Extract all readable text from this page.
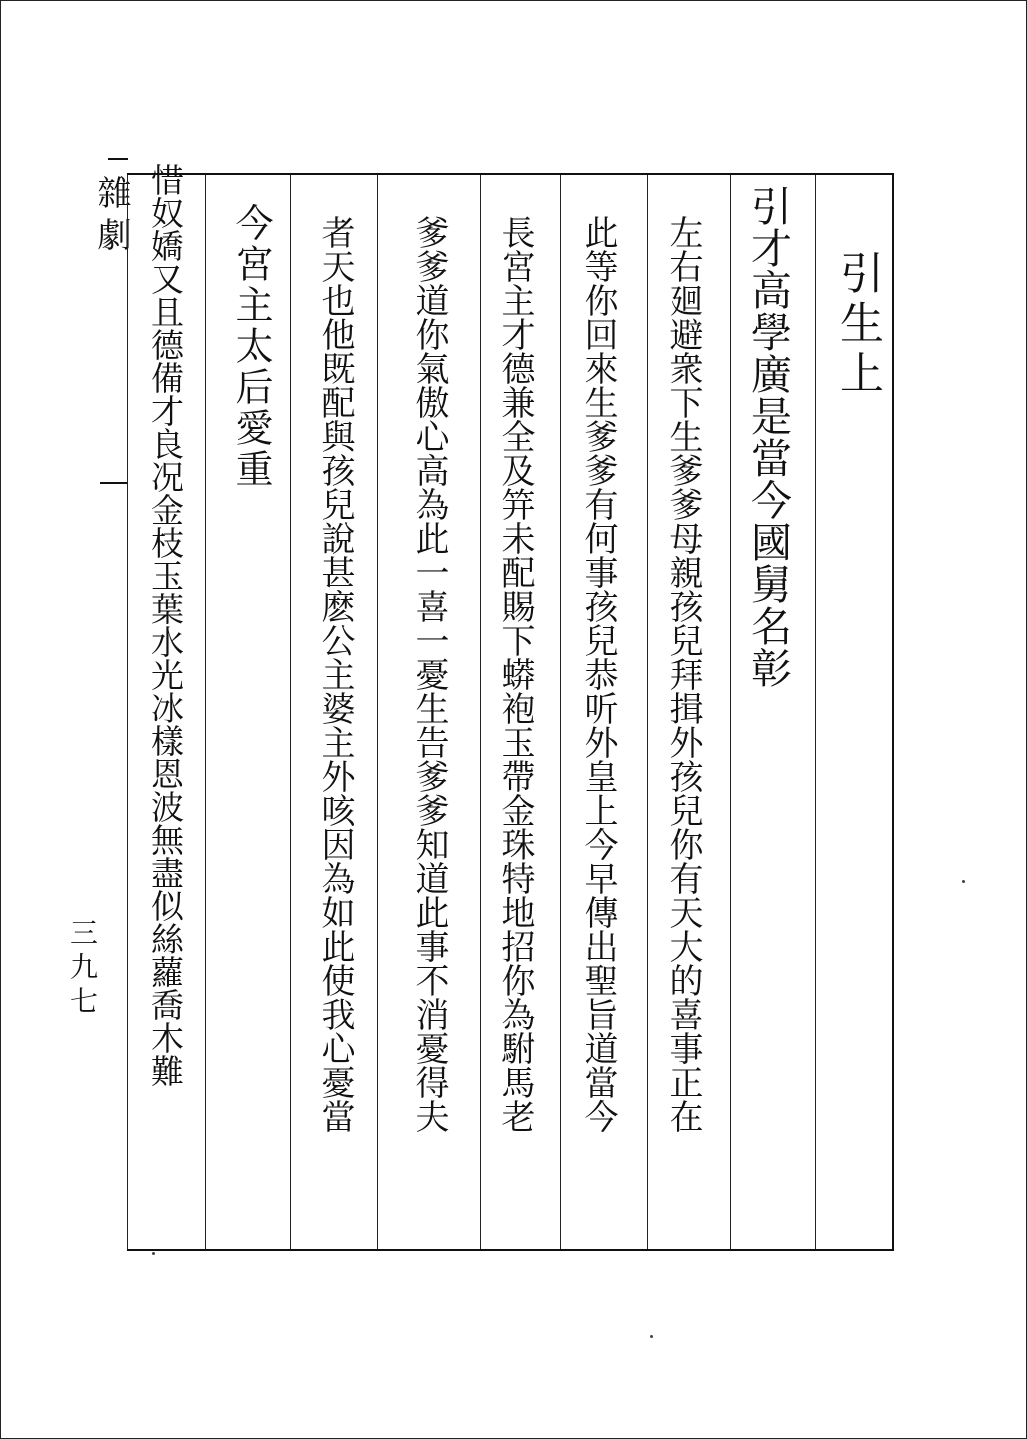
雜劇
三九七
引生上
引才高學廣是當今國舅名彰
左右廻避衆下生爹爹母親孩兒拜揖外孩兒你有天大的喜事正在
此等你回來生爹爹有何事孩兒恭听外皇上今早傳出聖旨道當今
長宮主才德兼全及笄未配賜下蟒袍玉帶金珠特地招你為駙馬老
爹爹道你氣傲心高為此一喜一憂生告爹爹知道此事不消憂得夫
者天也他既配與孩兒說甚麽公主婆主外咳因為如此使我心憂當
今宮主太后愛重
惜奴嬌又且德備才良况金枝玉葉水光冰樣恩波無盡似絲蘿喬木難
